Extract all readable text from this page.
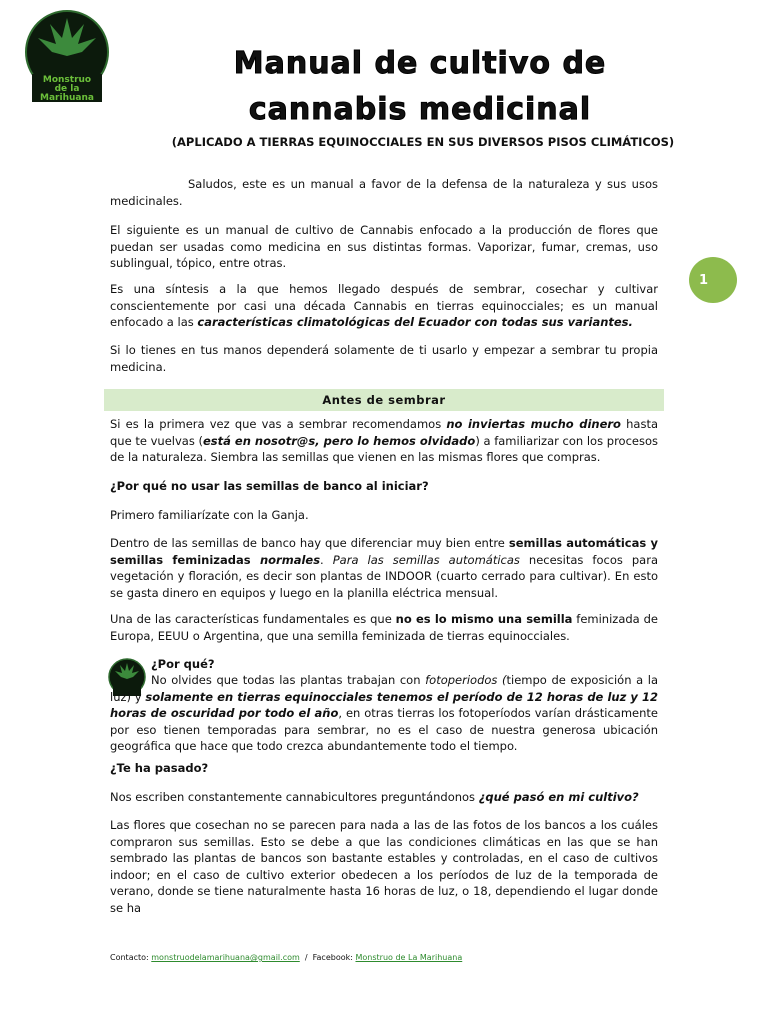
Monstruo
de la
Marihuana
Manual de cultivo de
cannabis medicinal
(APLICADO A TIERRAS EQUINOCCIALES EN SUS DIVERSOS PISOS CLIMÁTICOS)
1
Saludos, este es un manual a favor de la defensa de la naturaleza y sus usos medicinales.
El siguiente es un manual de cultivo de Cannabis enfocado a la producción de flores que puedan ser usadas como medicina en sus distintas formas. Vaporizar, fumar, cremas, uso sublingual, tópico, entre otras.
Es una síntesis a la que hemos llegado después de sembrar, cosechar y cultivar conscientemente por casi una década Cannabis en tierras equinocciales; es un manual enfocado a las características climatológicas del Ecuador con todas sus variantes.
Si lo tienes en tus manos dependerá solamente de ti usarlo y empezar a sembrar tu propia medicina.
Antes de sembrar
Si es la primera vez que vas a sembrar recomendamos no inviertas mucho dinero hasta que te vuelvas (está en nosotr@s, pero lo hemos olvidado) a familiarizar con los procesos de la naturaleza. Siembra las semillas que vienen en las mismas flores que compras.
¿Por qué no usar las semillas de banco al iniciar?
Primero familiarízate con la Ganja.
Dentro de las semillas de banco hay que diferenciar muy bien entre semillas automáticas y semillas feminizadas normales. Para las semillas automáticas necesitas focos para vegetación y floración, es decir son plantas de INDOOR (cuarto cerrado para cultivar). En esto se gasta dinero en equipos y luego en la planilla eléctrica mensual.
Una de las características fundamentales es que no es lo mismo una semilla feminizada de Europa, EEUU o Argentina, que una semilla feminizada de tierras equinocciales.
¿Por qué?
No olvides que todas las plantas trabajan con fotoperiodos (tiempo de exposición a la luz) y solamente en tierras equinocciales tenemos el período de 12 horas de luz y 12 horas de oscuridad por todo el año, en otras tierras los fotoperíodos varían drásticamente por eso tienen temporadas para sembrar, no es el caso de nuestra generosa ubicación geográfica que hace que todo crezca abundantemente todo el tiempo.
¿Te ha pasado?
Nos escriben constantemente cannabicultores preguntándonos ¿qué pasó en mi cultivo?
Las flores que cosechan no se parecen para nada a las de las fotos de los bancos a los cuáles compraron sus semillas. Esto se debe a que las condiciones climáticas en las que se han sembrado las plantas de bancos son bastante estables y controladas, en el caso de cultivos indoor; en el caso de cultivo exterior obedecen a los períodos de luz de la temporada de verano, donde se tiene naturalmente hasta 16 horas de luz, o 18, dependiendo el lugar donde se ha
Contacto: monstruodelamarihuana@gmail.com  /  Facebook: Monstruo de La Marihuana
